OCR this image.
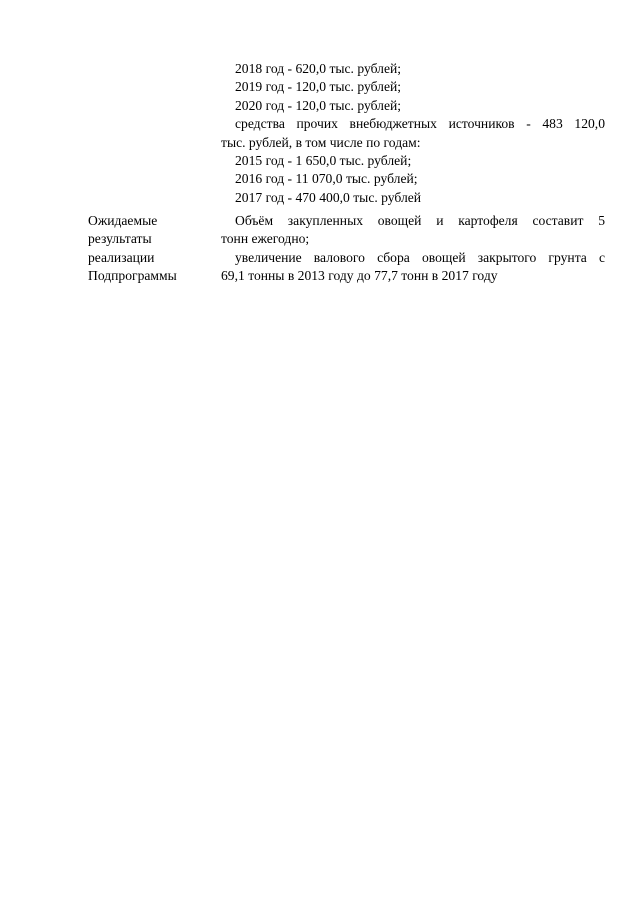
2018 год - 620,0 тыс. рублей;
2019 год - 120,0 тыс. рублей;
2020 год - 120,0 тыс. рублей;
средства прочих внебюджетных источников - 483 120,0
тыс. рублей, в том числе по годам:
2015 год - 1 650,0 тыс. рублей;
2016 год - 11 070,0 тыс. рублей;
2017 год - 470 400,0 тыс. рублей
Ожидаемые
результаты
реализации
Подпрограммы
Объём закупленных овощей и картофеля составит 5
тонн ежегодно;
увеличение валового сбора овощей закрытого грунта с
69,1 тонны в 2013 году до 77,7 тонн в 2017 году
